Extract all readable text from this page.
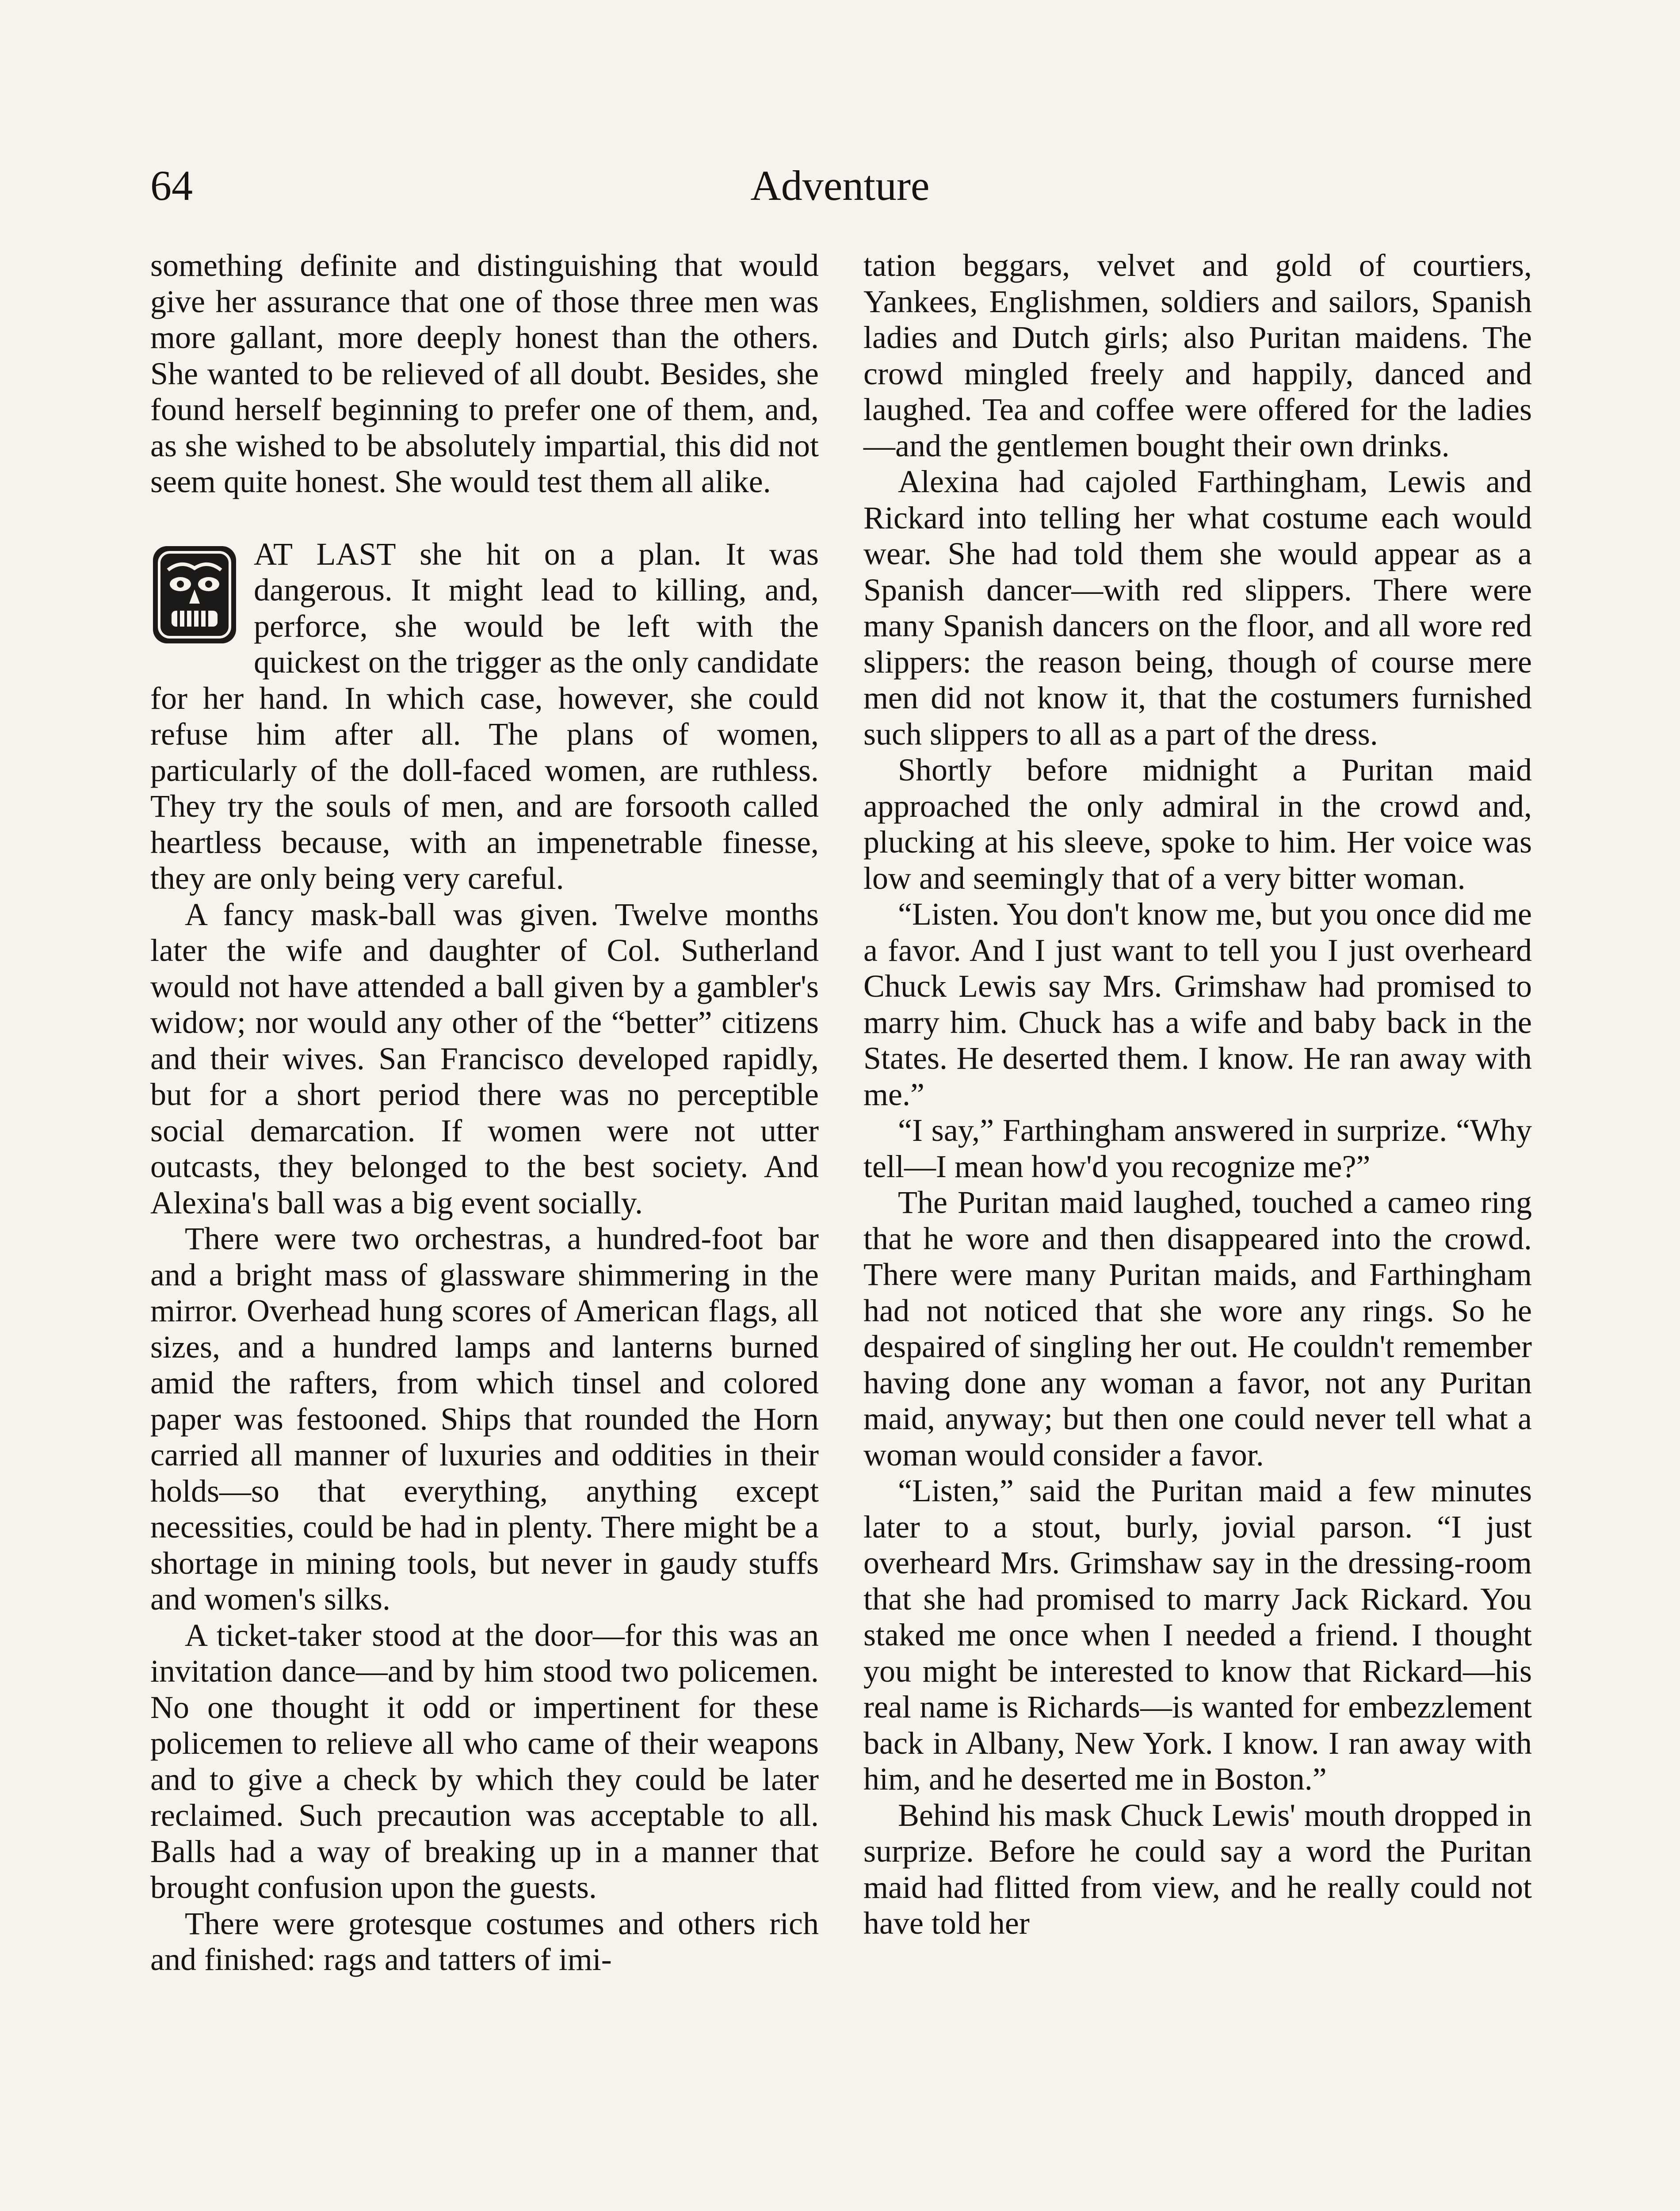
64	Adventure

something definite and distinguishing that would give her assurance that one of those three men was more gallant, more deeply honest than the others. She wanted to be relieved of all doubt. Besides, she found herself beginning to prefer one of them, and, as she wished to be absolutely impartial, this did not seem quite honest. She would test them all alike.

AT LAST she hit on a plan. It was dangerous. It might lead to killing, and, perforce, she would be left with the quickest on the trigger as the only candidate for her hand. In which case, however, she could refuse him after all. The plans of women, particularly of the doll-faced women, are ruthless. They try the souls of men, and are forsooth called heartless because, with an impenetrable finesse, they are only being very careful.

A fancy mask-ball was given. Twelve months later the wife and daughter of Col. Sutherland would not have attended a ball given by a gambler's widow; nor would any other of the “better” citizens and their wives. San Francisco developed rapidly, but for a short period there was no perceptible social demarcation. If women were not utter outcasts, they belonged to the best society. And Alexina's ball was a big event socially.

There were two orchestras, a hundred-foot bar and a bright mass of glassware shimmering in the mirror. Overhead hung scores of American flags, all sizes, and a hundred lamps and lanterns burned amid the rafters, from which tinsel and colored paper was festooned. Ships that rounded the Horn carried all manner of luxuries and oddities in their holds—so that everything, anything except necessities, could be had in plenty. There might be a shortage in mining tools, but never in gaudy stuffs and women's silks.

A ticket-taker stood at the door—for this was an invitation dance—and by him stood two policemen. No one thought it odd or impertinent for these policemen to relieve all who came of their weapons and to give a check by which they could be later reclaimed. Such precaution was acceptable to all. Balls had a way of breaking up in a manner that brought confusion upon the guests.

There were grotesque costumes and others rich and finished: rags and tatters of imi-

tation beggars, velvet and gold of courtiers, Yankees, Englishmen, soldiers and sailors, Spanish ladies and Dutch girls; also Puritan maidens. The crowd mingled freely and happily, danced and laughed. Tea and coffee were offered for the ladies—and the gentlemen bought their own drinks.

Alexina had cajoled Farthingham, Lewis and Rickard into telling her what costume each would wear. She had told them she would appear as a Spanish dancer—with red slippers. There were many Spanish dancers on the floor, and all wore red slippers: the reason being, though of course mere men did not know it, that the costumers furnished such slippers to all as a part of the dress.

Shortly before midnight a Puritan maid approached the only admiral in the crowd and, plucking at his sleeve, spoke to him. Her voice was low and seemingly that of a very bitter woman.

“Listen. You don't know me, but you once did me a favor. And I just want to tell you I just overheard Chuck Lewis say Mrs. Grimshaw had promised to marry him. Chuck has a wife and baby back in the States. He deserted them. I know. He ran away with me.”

“I say,” Farthingham answered in surprize. “Why tell—I mean how'd you recognize me?”

The Puritan maid laughed, touched a cameo ring that he wore and then disappeared into the crowd. There were many Puritan maids, and Farthingham had not noticed that she wore any rings. So he despaired of singling her out. He couldn't remember having done any woman a favor, not any Puritan maid, anyway; but then one could never tell what a woman would consider a favor.

“Listen,” said the Puritan maid a few minutes later to a stout, burly, jovial parson. “I just overheard Mrs. Grimshaw say in the dressing-room that she had promised to marry Jack Rickard. You staked me once when I needed a friend. I thought you might be interested to know that Rickard—his real name is Richards—is wanted for embezzlement back in Albany, New York. I know. I ran away with him, and he deserted me in Boston.”

Behind his mask Chuck Lewis' mouth dropped in surprize. Before he could say a word the Puritan maid had flitted from view, and he really could not have told her
